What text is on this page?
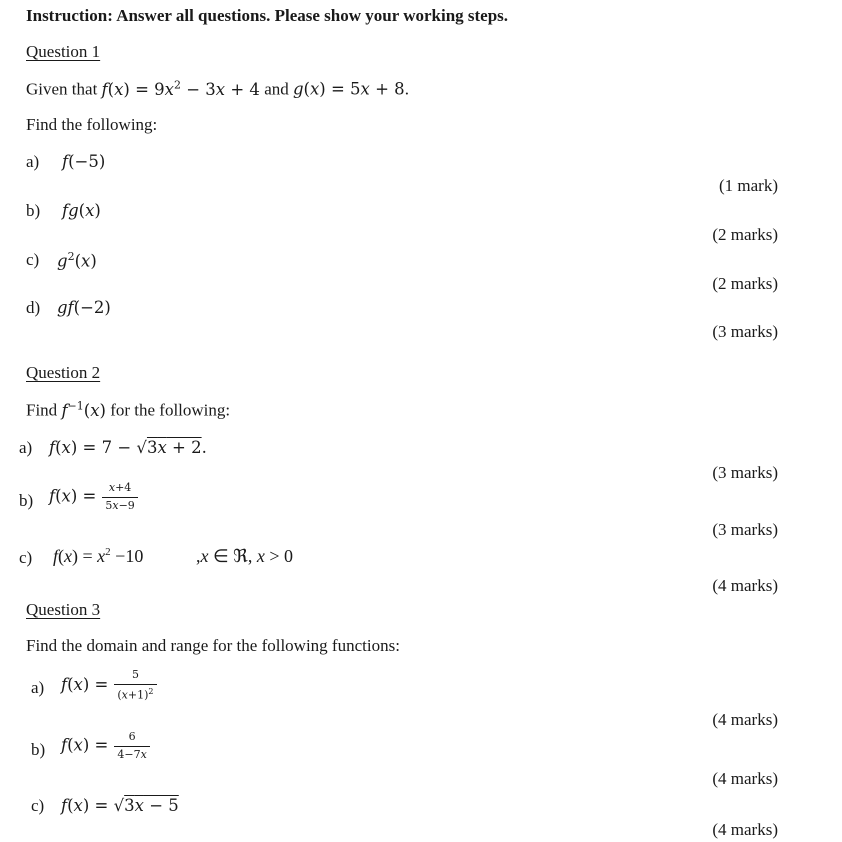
Instruction: Answer all questions. Please show your working steps.
Question 1
Given that $f(x) = 9x^2 - 3x + 4$ and g(x) = 5x + 8.
Find the following:
a) f(−5)
(1 mark)
b) fg(x)
(2 marks)
c) $g^2(x)$
(2 marks)
d) gf(−2)
(3 marks)
Question 2
Find $f^{-1}(x)$ for the following:
a) f(x) = 7 − √3x + 2.
(3 marks)
b) $f(x) = \frac{x+4}{5x-9}$
(3 marks)
c) $f(x) = x^2 -10$	,x ∈ ℜ, x > 0
(4 marks)
Question 3
Find the domain and range for the following functions:
a) $f(x) = \frac{5}{(x+1)^2}$
(4 marks)
b) $f(x) = \frac{6}{4-7x}$
(4 marks)
c) f(x) = √3x − 5
(4 marks)
